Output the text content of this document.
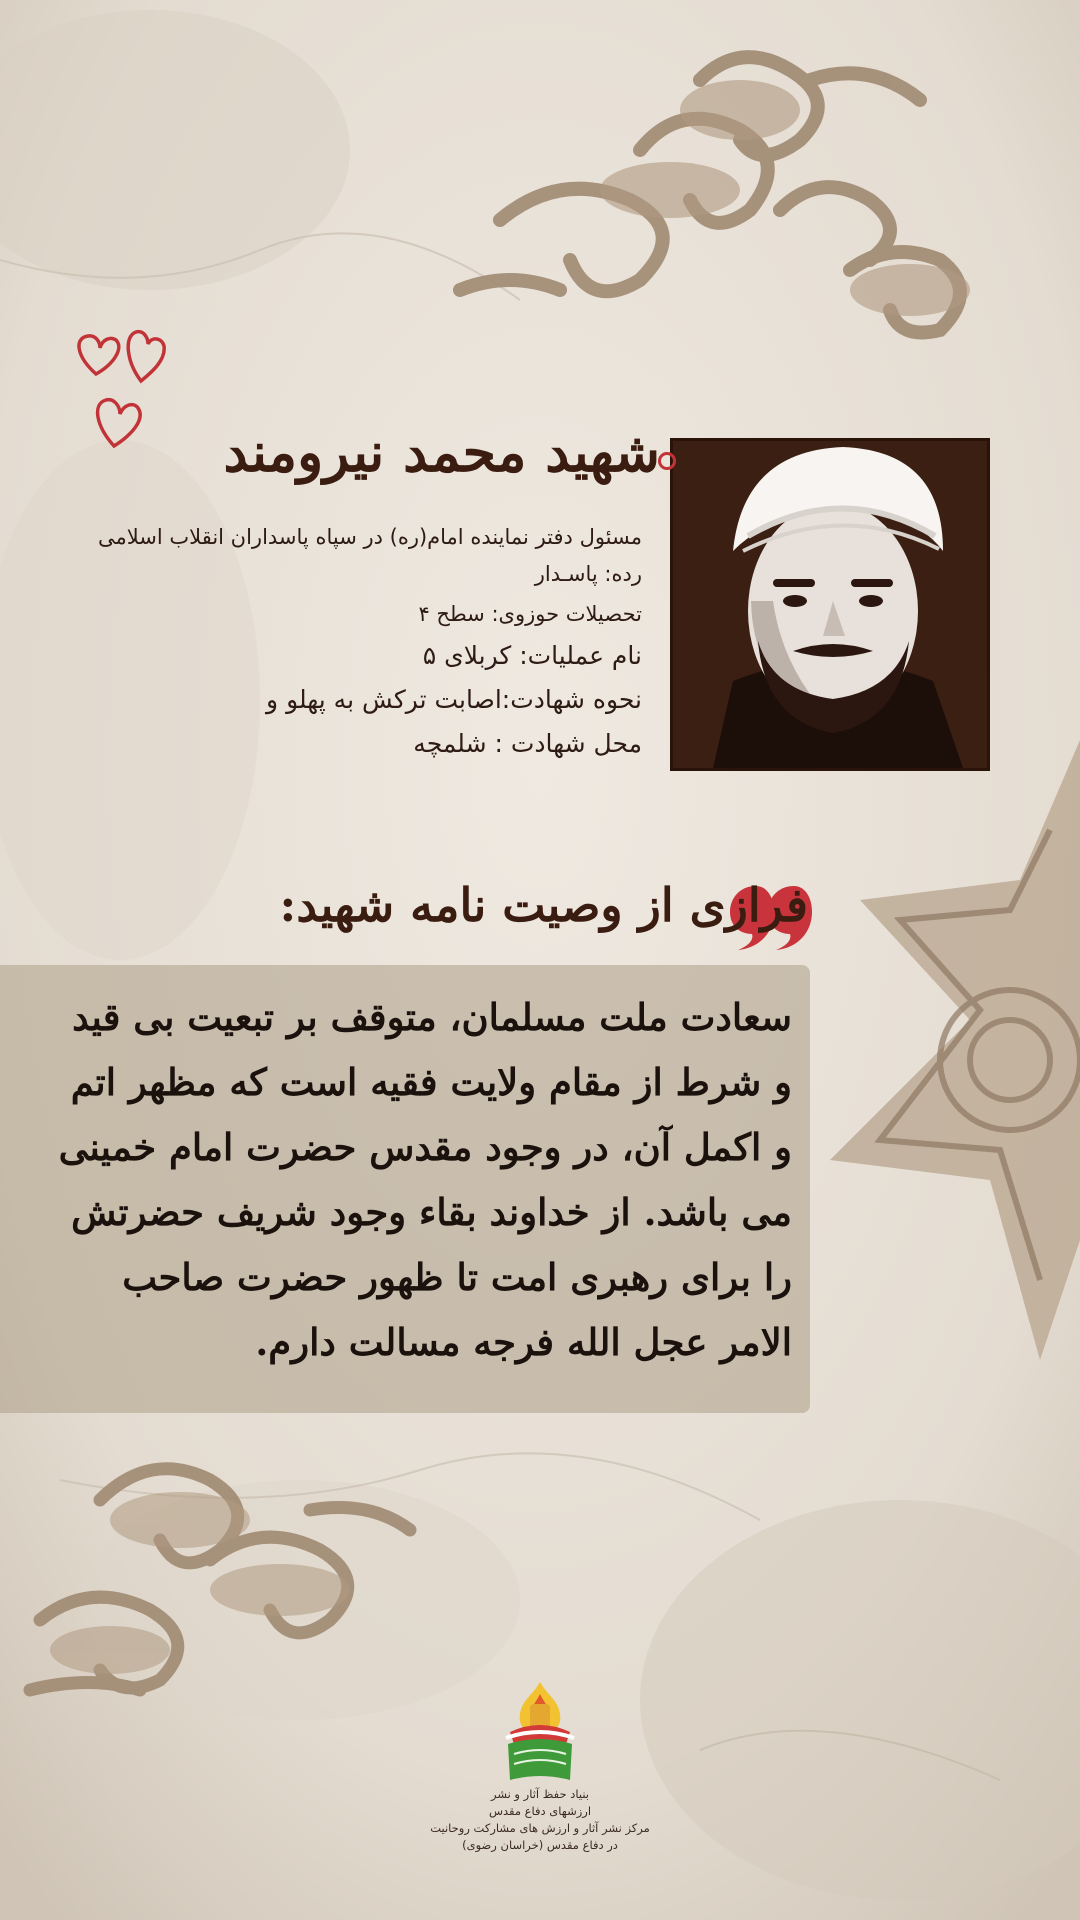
شهید محمد نیرومند
مسئول دفتر نماینده امام(ره) در سپاه پاسداران انقلاب اسلامی
رده: پاسـدار
تحصیلات حوزوی: سطح ۴
نام عملیات: کربلای ۵
نحوه شهادت:اصابت ترکش به پهلو و
محل شهادت : شلمچه
فرازی از وصیت نامه شهید:
سعادت ملت مسلمان، متوقف بر تبعیت بی قید
و شرط از مقام ولایت فقیه است که مظهر اتم
و اکمل آن، در وجود مقدس حضرت امام خمینی
می باشد. از خداوند بقاء وجود شریف حضرتش
را برای رهبری امت تا ظهور حضرت صاحب
الامر عجل الله فرجه مسالت دارم.
بنیاد حفظ آثار و نشر
ارزشهای دفاع مقدس
مرکز نشر آثار و ارزش های مشارکت روحانیت
در دفاع مقدس (خراسان رضوی)
